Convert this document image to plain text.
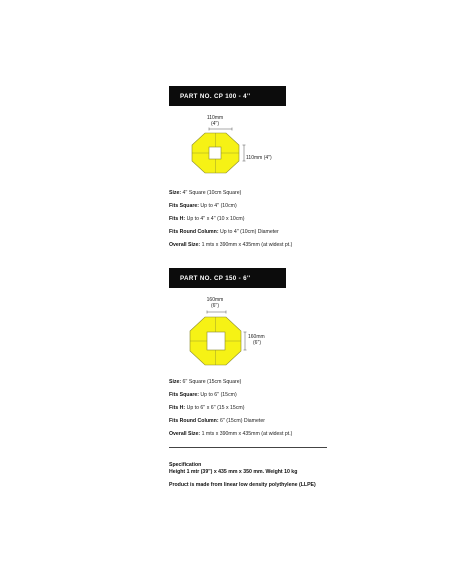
PART NO. CP 100 - 4''
110mm
(4'')
110mm (4'')
Size: 4'' Square (10cm Square)
Fits Square: Up to 4'' (10cm)
Fits H: Up to 4'' x 4'' (10 x 10cm)
Fits Round Column: Up to 4'' (10cm) Diameter
Overall Size: 1 mts x 390mm x 435mm (at widest pt.)
PART NO. CP 150 - 6''
160mm
(6'')
160mm
(6'')
Size: 6'' Square (15cm Square)
Fits Square: Up to 6'' (15cm)
Fits H: Up to 6'' x 6'' (15 x 15cm)
Fits Round Column: 6'' (15cm) Diameter
Overall Size: 1 mts x 390mm x 435mm (at widest pt.)
Specification
Height 1 mtr (39'') x 435 mm x 350 mm. Weight 10 kg
Product is made from linear low density polythylene (LLPE)
